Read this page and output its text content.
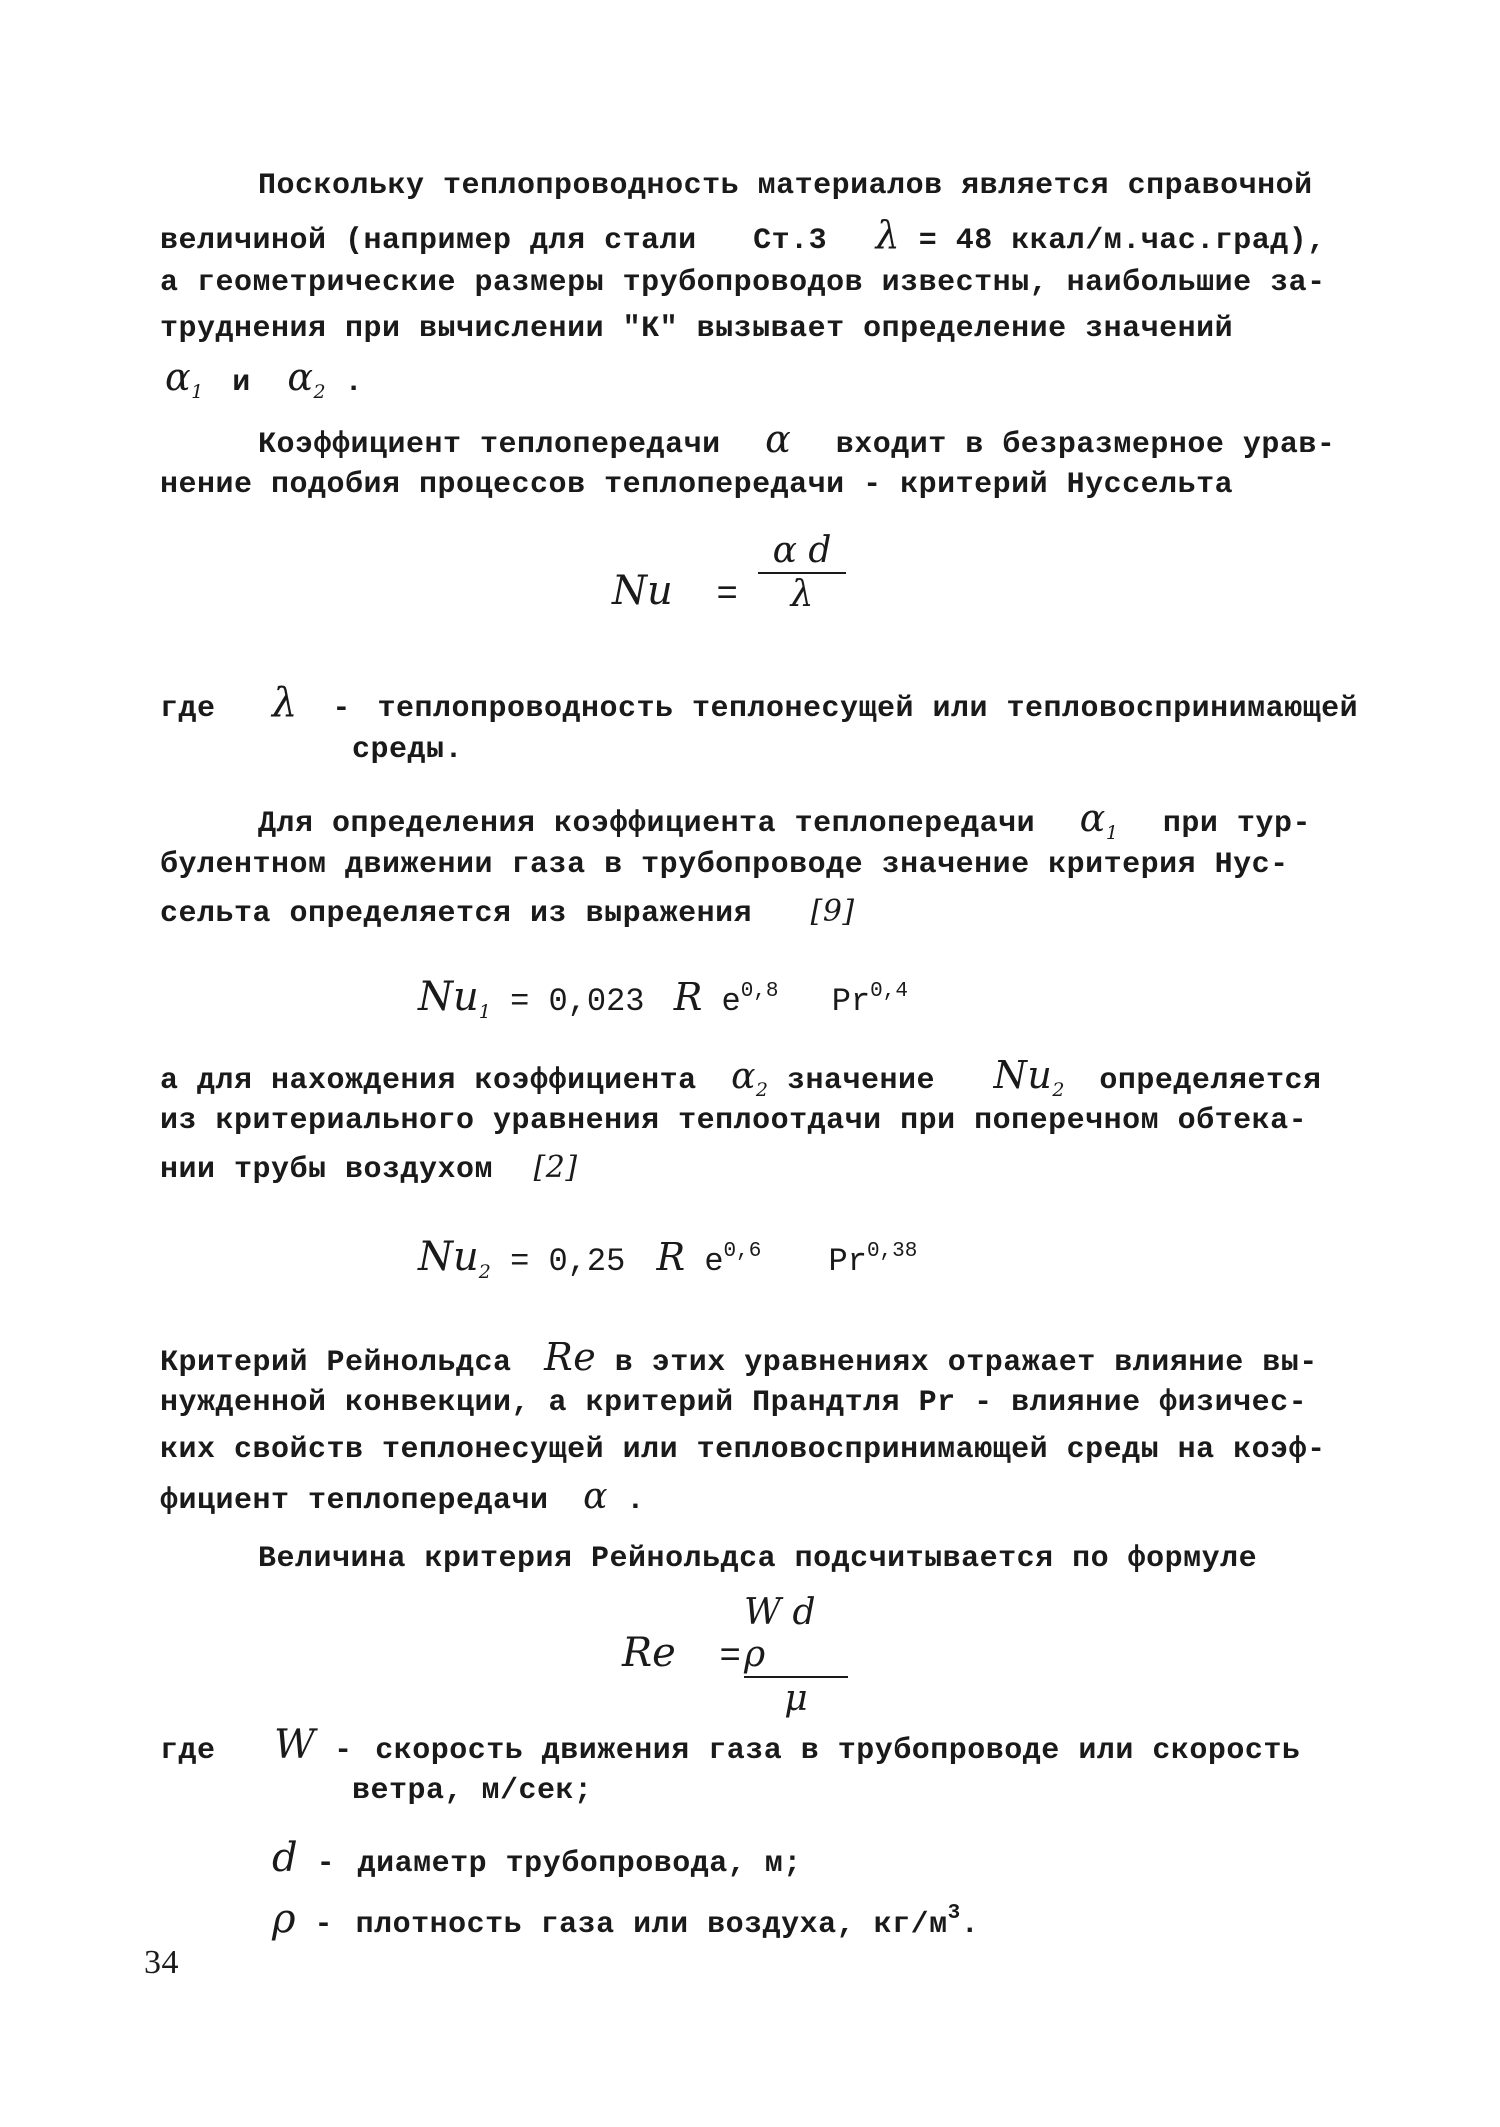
Поскольку теплопроводность материалов является справочной
величиной (например для стали Ст.3 λ = 48 ккал/м.час.град),
а геометрические размеры трубопроводов известны, наибольшие за-
труднения при вычислении "К" вызывает определение значений
$\alpha_1$ и $\alpha_2$ .
Коэффициент теплопередачи α входит в безразмерное урав-
нение подобия процессов теплопередачи - критерий Нуссельта
Nu =
α d
λ
где λ - теплопроводность теплонесущей или тепловоспринимающей
среды.
Для определения коэффициента теплопередачи $\alpha_1$ при тур-
булентном движении газа в трубопроводе значение критерия Нус-
сельта определяется из выражения [9]
$Nu_1 = 0,023$ R $e^{0,8}$ Pr$^{0,4}$
а для нахождения коэффициента $\alpha_2$ значение $Nu_2$ определяется
из критериального уравнения теплоотдачи при поперечном обтека-
нии трубы воздухом [2]
$Nu_2 = 0,25$ R $e^{0,6}$ Pr$^{0,38}$
Критерий Рейнольдса Re в этих уравнениях отражает влияние вы-
нужденной конвекции, а критерий Прандтля Pr - влияние физичес-
ких свойств теплонесущей или тепловоспринимающей среды на коэф-
фициент теплопередачи α .
Величина критерия Рейнольдса подсчитывается по формуле
Re =
W d ρ
μ
где W - скорость движения газа в трубопроводе или скорость
ветра, м/сек;
d - диаметр трубопровода, м;
ρ - плотность газа или воздуха, $кг/м^3$.
34
